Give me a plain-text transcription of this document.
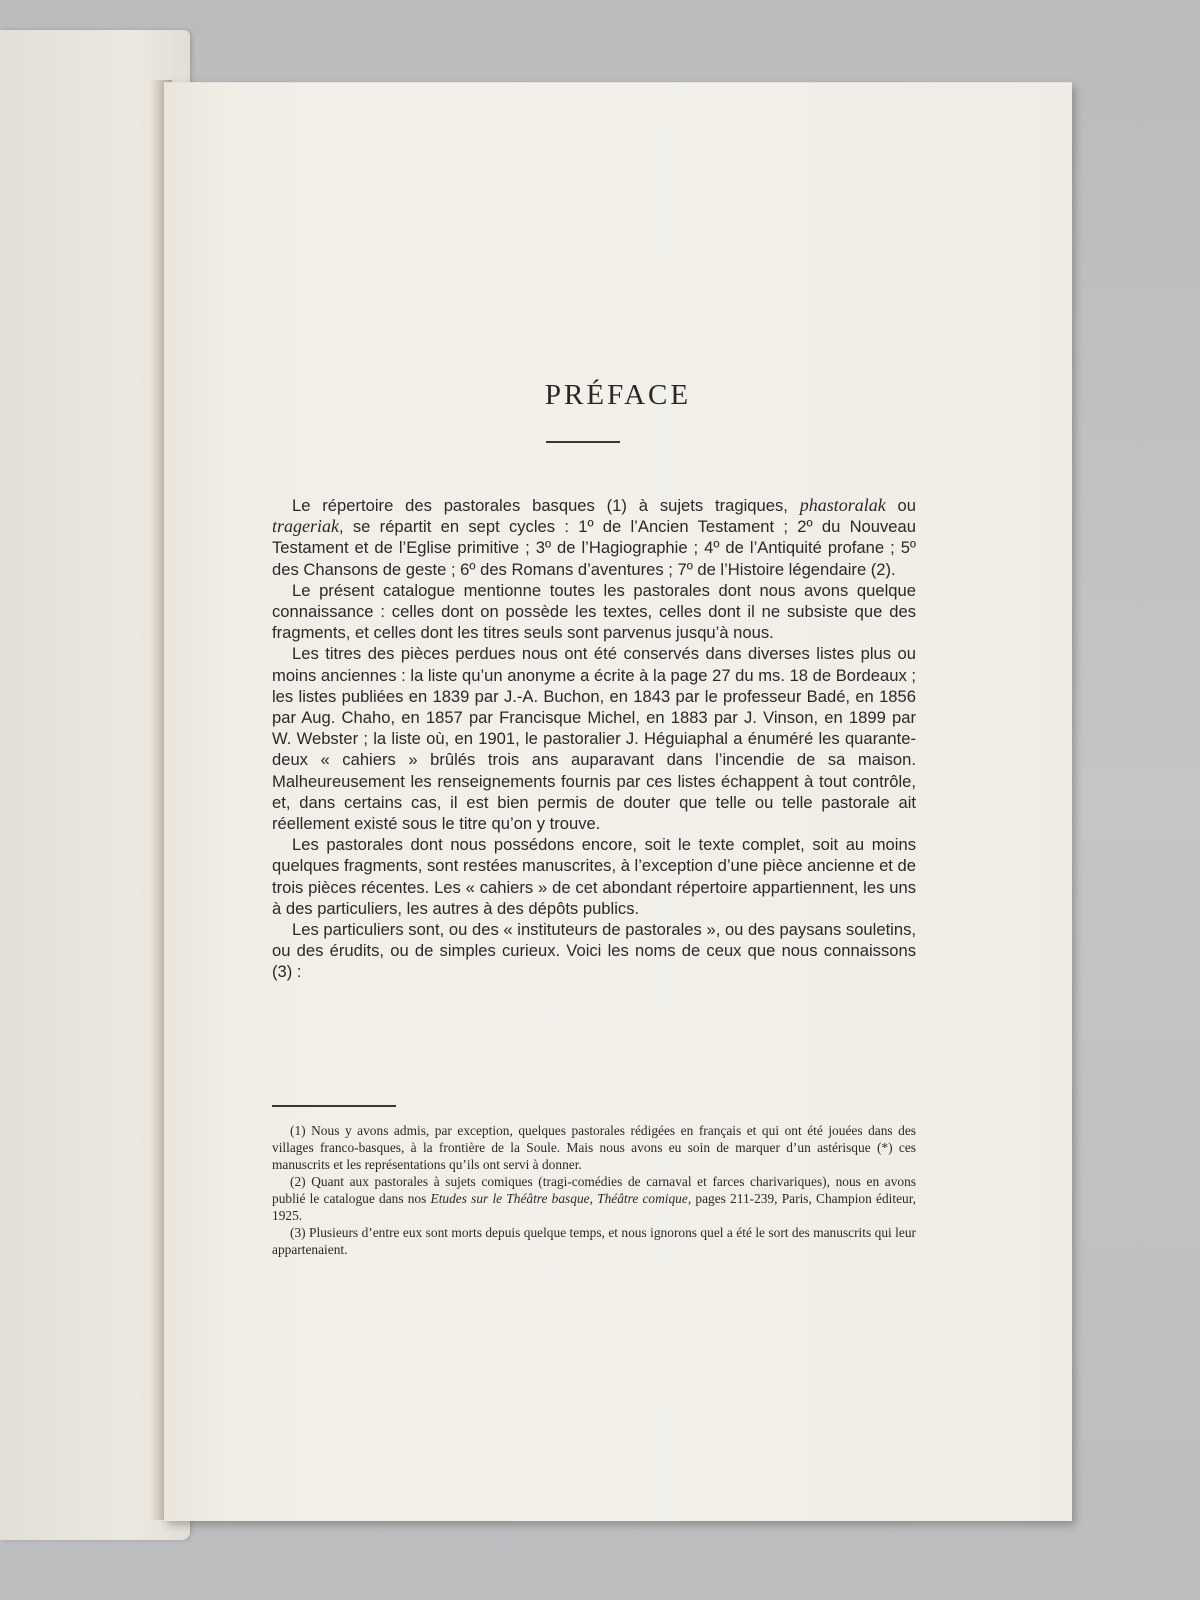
PRÉFACE

Le répertoire des pastorales basques (1) à sujets tragiques, phastoralak ou trageriak, se répartit en sept cycles : 1º de l’Ancien Testament ; 2º du Nouveau Testament et de l’Eglise primitive ; 3º de l’Hagiographie ; 4º de l’Antiquité profane ; 5º des Chansons de geste ; 6º des Romans d’aventures ; 7º de l’Histoire légendaire (2).

Le présent catalogue mentionne toutes les pastorales dont nous avons quelque connaissance : celles dont on possède les textes, celles dont il ne subsiste que des fragments, et celles dont les titres seuls sont parvenus jusqu’à nous.

Les titres des pièces perdues nous ont été conservés dans diverses listes plus ou moins anciennes : la liste qu’un anonyme a écrite à la page 27 du ms. 18 de Bordeaux ; les listes publiées en 1839 par J.-A. Buchon, en 1843 par le professeur Badé, en 1856 par Aug. Chaho, en 1857 par Francisque Michel, en 1883 par J. Vinson, en 1899 par W. Webster ; la liste où, en 1901, le pastoralier J. Héguiaphal a énuméré les quarante-deux « cahiers » brûlés trois ans auparavant dans l’incendie de sa maison. Malheureusement les renseignements fournis par ces listes échappent à tout contrôle, et, dans certains cas, il est bien permis de douter que telle ou telle pastorale ait réellement existé sous le titre qu’on y trouve.

Les pastorales dont nous possédons encore, soit le texte complet, soit au moins quelques fragments, sont restées manuscrites, à l’exception d’une pièce ancienne et de trois pièces récentes. Les « cahiers » de cet abondant répertoire appartiennent, les uns à des particuliers, les autres à des dépôts publics.

Les particuliers sont, ou des « instituteurs de pastorales », ou des paysans souletins, ou des érudits, ou de simples curieux. Voici les noms de ceux que nous connaissons (3) :

(1) Nous y avons admis, par exception, quelques pastorales rédigées en français et qui ont été jouées dans des villages franco-basques, à la frontière de la Soule. Mais nous avons eu soin de marquer d’un astérisque (*) ces manuscrits et les représentations qu’ils ont servi à donner.

(2) Quant aux pastorales à sujets comiques (tragi-comédies de carnaval et farces charivariques), nous en avons publié le catalogue dans nos Etudes sur le Théâtre basque, Théâtre comique, pages 211-239, Paris, Champion éditeur, 1925.

(3) Plusieurs d’entre eux sont morts depuis quelque temps, et nous ignorons quel a été le sort des manuscrits qui leur appartenaient.
